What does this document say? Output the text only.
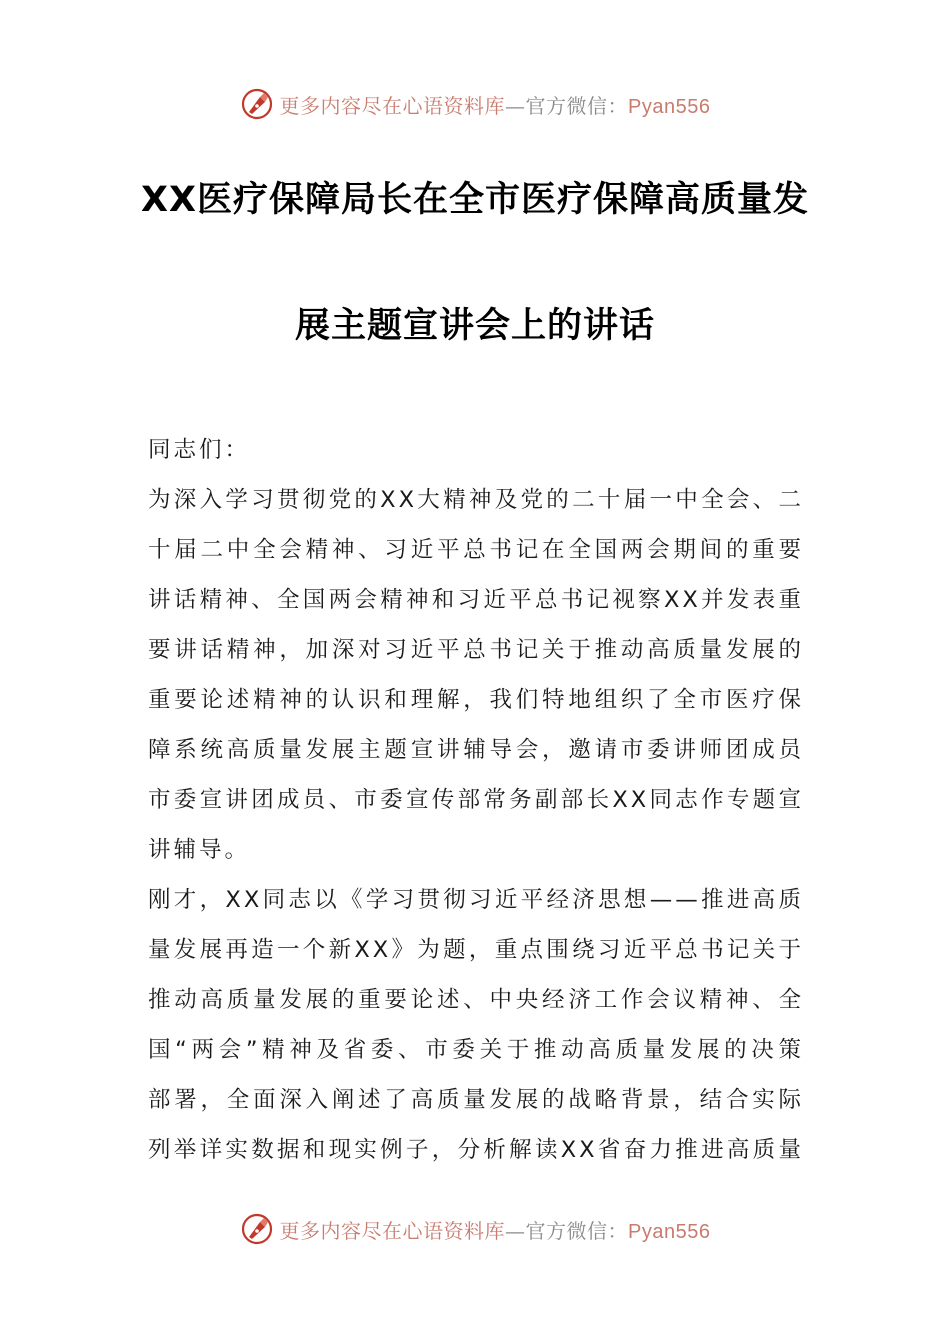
更多内容尽在心语资料库—官方微信：Pyan556
XX医疗保障局长在全市医疗保障高质量发
展主题宣讲会上的讲话
同志们：
为深入学习贯彻党的XX大精神及党的二十届一中全会、二
十届二中全会精神、习近平总书记在全国两会期间的重要
讲话精神、全国两会精神和习近平总书记视察XX并发表重
要讲话精神，加深对习近平总书记关于推动高质量发展的
重要论述精神的认识和理解，我们特地组织了全市医疗保
障系统高质量发展主题宣讲辅导会，邀请市委讲师团成员
市委宣讲团成员、市委宣传部常务副部长XX同志作专题宣
讲辅导。
刚才，XX同志以《学习贯彻习近平经济思想——推进高质
量发展再造一个新XX》为题，重点围绕习近平总书记关于
推动高质量发展的重要论述、中央经济工作会议精神、全
国“两会”精神及省委、市委关于推动高质量发展的决策
部署，全面深入阐述了高质量发展的战略背景，结合实际
列举详实数据和现实例子，分析解读XX省奋力推进高质量
更多内容尽在心语资料库—官方微信：Pyan556
